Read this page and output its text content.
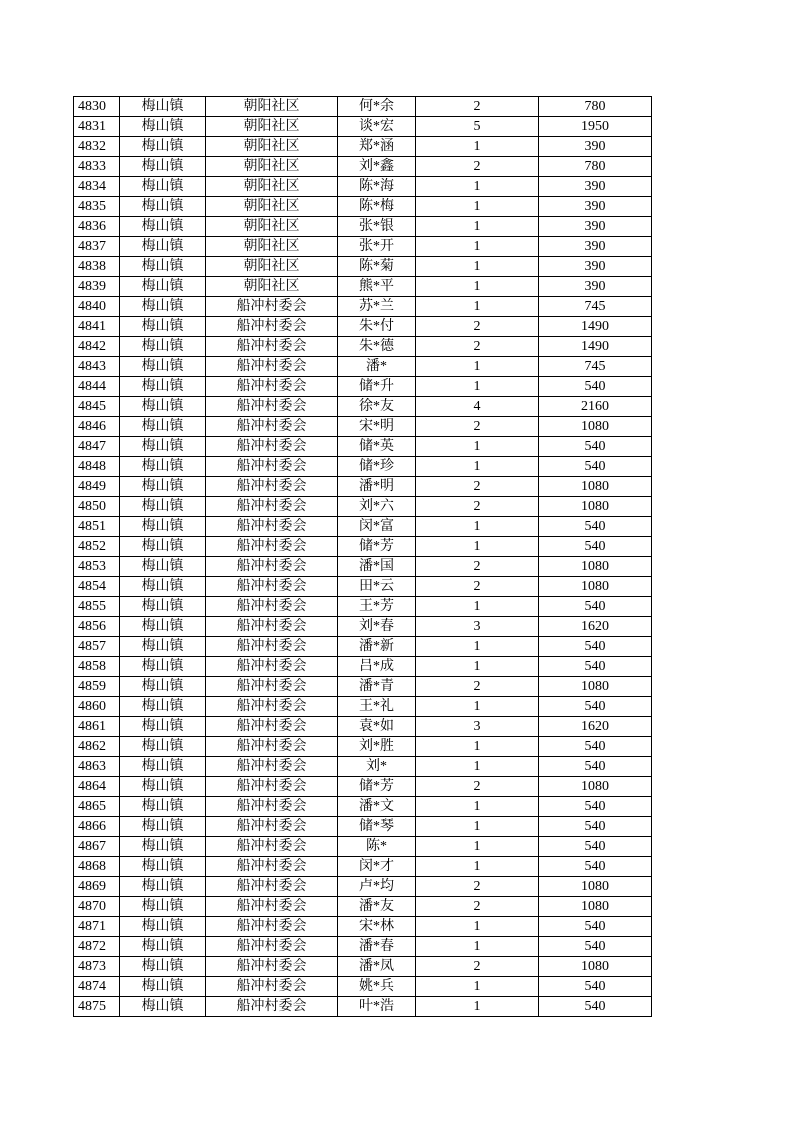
4830	梅山镇	朝阳社区	何*余	2	780
4831	梅山镇	朝阳社区	谈*宏	5	1950
4832	梅山镇	朝阳社区	郑*涵	1	390
4833	梅山镇	朝阳社区	刘*鑫	2	780
4834	梅山镇	朝阳社区	陈*海	1	390
4835	梅山镇	朝阳社区	陈*梅	1	390
4836	梅山镇	朝阳社区	张*银	1	390
4837	梅山镇	朝阳社区	张*开	1	390
4838	梅山镇	朝阳社区	陈*菊	1	390
4839	梅山镇	朝阳社区	熊*平	1	390
4840	梅山镇	船冲村委会	苏*兰	1	745
4841	梅山镇	船冲村委会	朱*付	2	1490
4842	梅山镇	船冲村委会	朱*德	2	1490
4843	梅山镇	船冲村委会	潘*	1	745
4844	梅山镇	船冲村委会	储*升	1	540
4845	梅山镇	船冲村委会	徐*友	4	2160
4846	梅山镇	船冲村委会	宋*明	2	1080
4847	梅山镇	船冲村委会	储*英	1	540
4848	梅山镇	船冲村委会	储*珍	1	540
4849	梅山镇	船冲村委会	潘*明	2	1080
4850	梅山镇	船冲村委会	刘*六	2	1080
4851	梅山镇	船冲村委会	闵*富	1	540
4852	梅山镇	船冲村委会	储*芳	1	540
4853	梅山镇	船冲村委会	潘*国	2	1080
4854	梅山镇	船冲村委会	田*云	2	1080
4855	梅山镇	船冲村委会	王*芳	1	540
4856	梅山镇	船冲村委会	刘*春	3	1620
4857	梅山镇	船冲村委会	潘*新	1	540
4858	梅山镇	船冲村委会	吕*成	1	540
4859	梅山镇	船冲村委会	潘*青	2	1080
4860	梅山镇	船冲村委会	王*礼	1	540
4861	梅山镇	船冲村委会	袁*如	3	1620
4862	梅山镇	船冲村委会	刘*胜	1	540
4863	梅山镇	船冲村委会	刘*	1	540
4864	梅山镇	船冲村委会	储*芳	2	1080
4865	梅山镇	船冲村委会	潘*文	1	540
4866	梅山镇	船冲村委会	储*琴	1	540
4867	梅山镇	船冲村委会	陈*	1	540
4868	梅山镇	船冲村委会	闵*才	1	540
4869	梅山镇	船冲村委会	卢*均	2	1080
4870	梅山镇	船冲村委会	潘*友	2	1080
4871	梅山镇	船冲村委会	宋*林	1	540
4872	梅山镇	船冲村委会	潘*春	1	540
4873	梅山镇	船冲村委会	潘*凤	2	1080
4874	梅山镇	船冲村委会	姚*兵	1	540
4875	梅山镇	船冲村委会	叶*浩	1	540
